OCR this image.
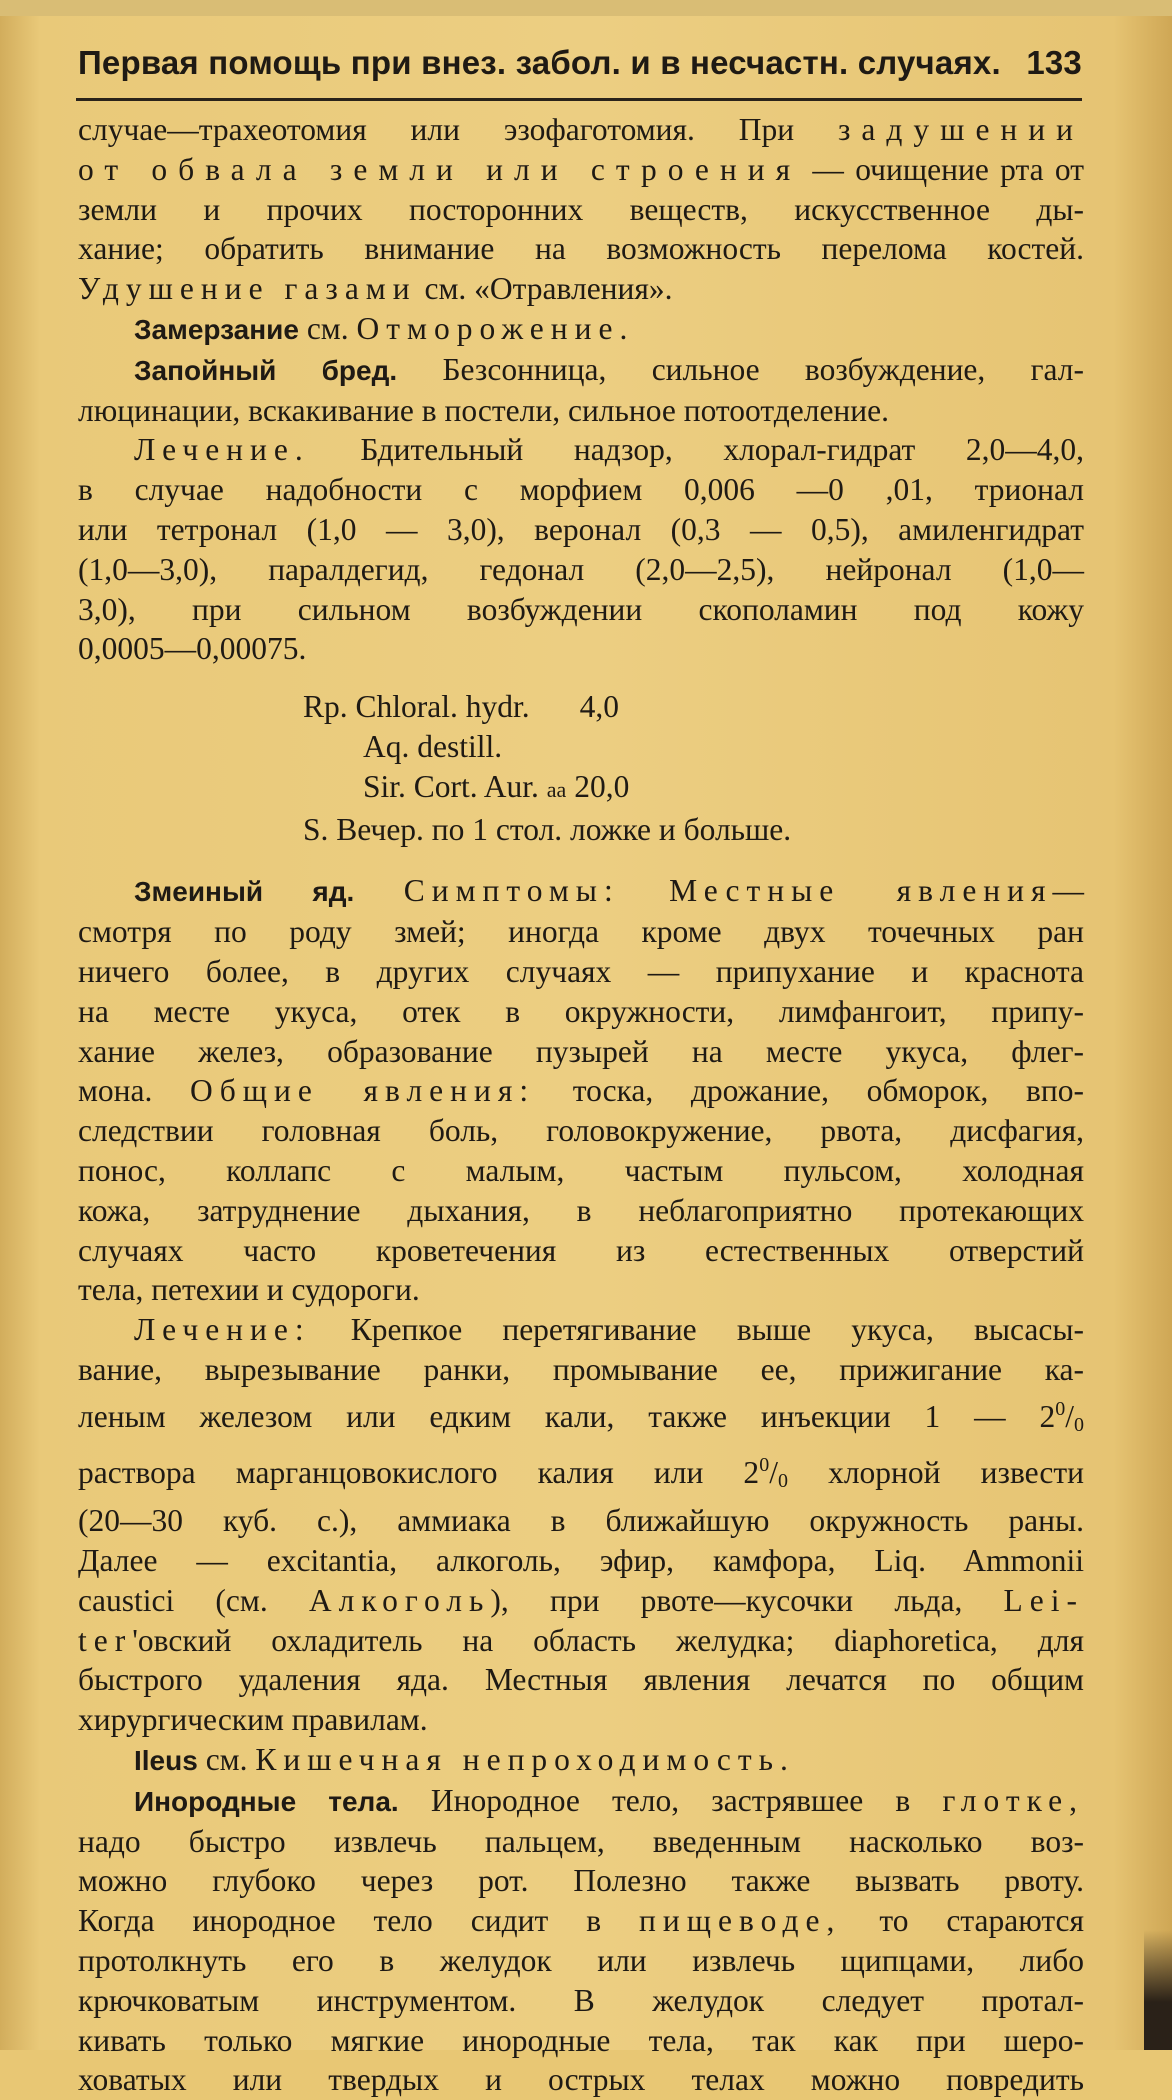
Первая помощь при внез. забол. и в несчастн. случаях. 133

случае—трахеотомия или эзофаготомия. При задушении
от обвала земли или строения — очищение рта от
земли и прочих посторонних веществ, искусственное ды-
хание; обратить внимание на возможность перелома костей.
Удушение газами см. «Отравления».

Замерзание см. Отморожение.

Запойный бред. Безсонница, сильное возбуждение, гал-
люцинации, вскакивание в постели, сильное потоотделение.

Лечение. Бдительный надзор, хлорал-гидрат 2,0—4,0,
в случае надобности с морфием 0,006 —0 ,01, трионал
или тетронал (1,0 — 3,0), веронал (0,3 — 0,5), амиленгидрат
(1,0—3,0), паралдегид, гедонал (2,0—2,5), нейронал (1,0—
3,0), при сильном возбуждении скополамин под кожу
0,0005—0,00075.

Rp. Chloral. hydr. 4,0
Aq. destill.
Sir. Cort. Aur. аа 20,0
S. Вечер. по 1 стол. ложке и больше.

Змеиный яд. Симптомы: Местные явления—
смотря по роду змей; иногда кроме двух точечных ран
ничего более, в других случаях — припухание и краснота
на месте укуса, отек в окружности, лимфангоит, припу-
хание желез, образование пузырей на месте укуса, флег-
мона. Общие явления: тоска, дрожание, обморок, впо-
следствии головная боль, головокружение, рвота, дисфагия,
понос, коллапс с малым, частым пульсом, холодная
кожа, затруднение дыхания, в неблагоприятно протекающих
случаях часто кроветечения из естественных отверстий
тела, петехии и судороги.

Лечение: Крепкое перетягивание выше укуса, высасы-
вание, вырезывание ранки, промывание ее, прижигание ка-
леным железом или едким кали, также инъекции 1 — $2^0/_0$
раствора марганцовокислого калия или $2^0/_0$ хлорной извести
(20—30 куб. с.), аммиака в ближайшую окружность раны.
Далее — excitantia, алкоголь, эфир, камфора, Liq. Ammonii
caustici (см. Алкоголь), при рвоте—кусочки льда, Lei-
ter'овский охладитель на область желудка; diaphoretica, для
быстрого удаления яда. Местныя явления лечатся по общим
хирургическим правилам.

Ileus см. Кишечная непроходимость.

Инородные тела. Инородное тело, застрявшее в глотке,
надо быстро извлечь пальцем, введенным насколько воз-
можно глубоко через рот. Полезно также вызвать рвоту.
Когда инородное тело сидит в пищеводе, то стараются
протолкнуть его в желудок или извлечь щипцами, либо
крючковатым инструментом. В желудок следует протал-
кивать только мягкие инородные тела, так как при шеро-
ховатых или твердых и острых телах можно повредить
